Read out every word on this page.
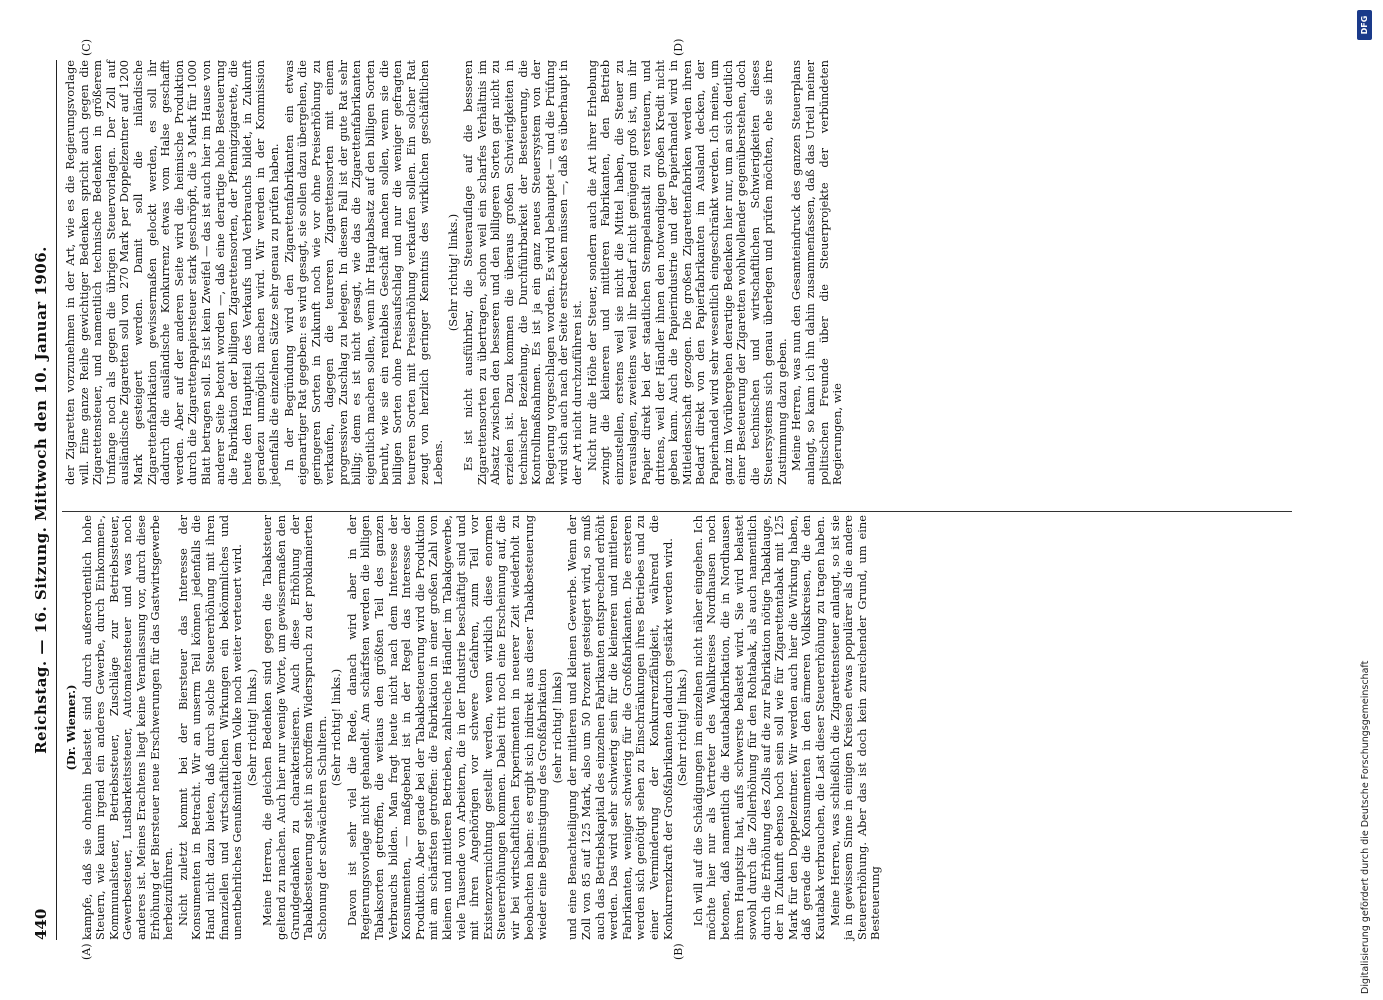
440
Reichstag. — 16. Sitzung. Mittwoch den 10. Januar 1906.
(A)	(B)
(C)	(D)

(Dr. Wiemer.) kampfe, daß sie ohnehin belastet sind durch außerordentlich hohe Steuern, wie kaum irgend ein anderes Gewerbe, durch Einkommen-, Kommunalsteuer, Betriebssteuer, Zuschläge zur Betriebssteuer, Gewerbesteuer, Lustbarkeitssteuer, Automatensteuer und was noch anderes ist. Meines Erachtens liegt keine Veranlassung vor, durch diese Erhöhung der Biersteuer neue Erschwerungen für das Gastwirtsgewerbe herbeizuführen. Nicht zuletzt kommt bei der Biersteuer das Interesse der Konsumenten in Betracht. Wir an unserm Teil können jedenfalls die Hand nicht dazu bieten, daß durch solche Steuererhöhung mit ihren finanziellen und wirtschaftlichen Wirkungen ein bekömmliches und unentbehrliches Genußmittel dem Volke noch weiter verteuert wird. (Sehr richtig! links.) Meine Herren, die gleichen Bedenken sind gegen die Tabaksteuer geltend zu machen. Auch hier nur wenige Worte, um gewissermaßen den Grundgedanken zu charakterisieren. Auch diese Erhöhung der Tabakbesteuerung steht in schroffem Widerspruch zu der proklamierten Schonung der schwächeren Schultern. (Sehr richtig! links.) Davon ist sehr viel die Rede, danach wird aber in der Regierungsvorlage nicht gehandelt. Am schärfsten werden die billigen Tabaksorten getroffen, die weitaus den größten Teil des ganzen Verbrauchs bilden. Man fragt heute nicht nach dem Interesse der Konsumenten, — maßgebend ist in der Regel das Interesse der Produktion. Aber gerade bei der Tabakbesteuerung wird die Produktion mit am schärfsten getroffen: die Fabrikation in einer großen Zahl von kleinen und mittleren Betrieben, zahlreiche Händler im Tabakgewerbe, viele Tausende von Arbeitern, die in der Industrie beschäftigt sind und mit ihren Angehörigen vor schwere Gefahren, zum Teil vor Existenzvernichtung gestellt werden, wenn wirklich diese enormen Steuererhöhungen kommen. Dabei tritt noch eine Erscheinung auf, die wir bei wirtschaftlichen Experimenten in neuerer Zeit wiederholt zu beobachten haben: es ergibt sich indirekt aus dieser Tabakbesteuerung wieder eine Begünstigung des Großfabrikation (sehr richtig! links) und eine Benachteiligung der mittleren und kleinen Gewerbe. Wenn der Zoll von 85 auf 125 Mark, also um 50 Prozent gesteigert wird, so muß auch das Betriebskapital des einzelnen Fabrikanten entsprechend erhöht werden. Das wird sehr schwierig sein für die kleineren und mittleren Fabrikanten, weniger schwierig für die Großfabrikanten. Die ersteren werden sich genötigt sehen zu Einschränkungen ihres Betriebes und zu einer Verminderung der Konkurrenzfähigkeit, während die Konkurrenzkraft der Großfabrikanten dadurch gestärkt werden wird. (Sehr richtig! links.) Ich will auf die Schädigungen im einzelnen nicht näher eingehen. Ich möchte hier nur als Vertreter des Wahlkreises Nordhausen noch betonen, daß namentlich die Kautabakfabrikation, die in Nordhausen ihren Hauptsitz hat, aufs schwerste belastet wird. Sie wird belastet sowohl durch die Zollerhöhung für den Rohtabak, als auch namentlich durch die Erhöhung des Zolls auf die zur Fabrikation nötige Tabaklauge, der in Zukunft ebenso hoch sein soll wie für Zigarettentabak mit 125 Mark für den Doppelzentner. Wir werden auch hier die Wirkung haben, daß gerade die Konsumenten in den ärmeren Volkskreisen, die den Kautabak verbrauchen, die Last dieser Steuererhöhung zu tragen haben. Meine Herren, was schließlich die Zigarettensteuer anlangt, so ist sie ja in gewissem Sinne in einigen Kreisen etwas populärer als die andere Steuererhöhung. Aber das ist doch kein zureichender Grund, um eine Besteuerung

der Zigaretten vorzunehmen in der Art, wie es die Regierungsvorlage will. Eine ganze Reihe gewichtiger Bedenken spricht auch gegen die Zigarettensteuer, und namentlich technische Bedenken in größerem Umfange noch als gegen die übrigen Steuervorlagen. Der Zoll auf ausländische Zigaretten soll von 270 Mark per Doppelzentner auf 1200 Mark gesteigert werden. Damit soll die inländische Zigarettenfabrikation gewissermaßen gelockt werden, es soll ihr dadurch die ausländische Konkurrenz etwas vom Halse geschafft werden. Aber auf der anderen Seite wird die heimische Produktion durch die Zigarettenpapiersteuer stark geschröpft, die 3 Mark für 1000 Blatt betragen soll. Es ist kein Zweifel — das ist auch hier im Hause von anderer Seite betont worden —, daß eine derartige hohe Besteuerung die Fabrikation der billigen Zigarettensorten, der Pfennigzigarette, die heute den Hauptteil des Verkaufs und Verbrauchs bildet, in Zukunft geradezu unmöglich machen wird. Wir werden in der Kommission jedenfalls die einzelnen Sätze sehr genau zu prüfen haben. In der Begründung wird den Zigarettenfabrikanten ein etwas eigenartiger Rat gegeben: es wird gesagt, sie sollen dazu übergehen, die geringeren Sorten in Zukunft noch wie vor ohne Preiserhöhung zu verkaufen, dagegen die teureren Zigarettensorten mit einem progressiven Zuschlag zu belegen. In diesem Fall ist der gute Rat sehr billig; denn es ist nicht gesagt, wie das die Zigarettenfabrikanten eigentlich machen sollen, wenn ihr Hauptabsatz auf den billigen Sorten beruht, wie sie ein rentables Geschäft machen sollen, wenn sie die billigen Sorten ohne Preisaufschlag und nur die weniger gefragten teureren Sorten mit Preiserhöhung verkaufen sollen. Ein solcher Rat zeugt von herzlich geringer Kenntnis des wirklichen geschäftlichen Lebens.

(Sehr richtig! links.) Es ist nicht ausführbar, die Steuerauflage auf die besseren Zigarettensorten zu übertragen, schon weil ein scharfes Verhältnis im Absatz zwischen den besseren und den billigeren Sorten gar nicht zu erzielen ist. Dazu kommen die überaus großen Schwierigkeiten in technischer Beziehung, die Durchführbarkeit der Besteuerung, die Kontrollmaßnahmen. Es ist ja ein ganz neues Steuersystem von der Regierung vorgeschlagen worden. Es wird behauptet — und die Prüfung wird sich auch nach der Seite erstrecken müssen —, daß es überhaupt in der Art nicht durchzuführen ist. Nicht nur die Höhe der Steuer, sondern auch die Art ihrer Erhebung zwingt die kleineren und mittleren Fabrikanten, den Betrieb einzustellen, erstens weil sie nicht die Mittel haben, die Steuer zu verauslagen, zweitens weil ihr Bedarf nicht genügend groß ist, um ihr Papier direkt bei der staatlichen Stempelanstalt zu versteuern, und drittens, weil der Händler ihnen den notwendigen großen Kredit nicht geben kann. Auch die Papierindustrie und der Papierhandel wird in Mitleidenschaft gezogen. Die großen Zigarettenfabriken werden ihren Bedarf direkt von den Papierfabrikanten im Ausland decken, der Papierhandel wird sehr wesentlich eingeschränkt werden. Ich meine, um ganz im Vorübergehen derartige Bedenken hier nur, um an sich deutlich einer Besteuerung der Zigaretten wohlwollender gegenüberstehen, doch die technischen und wirtschaftlichen Schwierigkeiten dieses Steuersystems sich genau überlegen und prüfen möchten, ehe sie ihre Zustimmung dazu geben. Meine Herren, was nun den Gesamteindruck des ganzen Steuerplans anlangt, so kann ich ihn dahin zusammenfassen, daß das Urteil meiner politischen Freunde über die Steuerprojekte der verbündeten Regierungen, wie

Digitalisierung gefördert durch die Deutsche Forschungsgemeinschaft
DFG
